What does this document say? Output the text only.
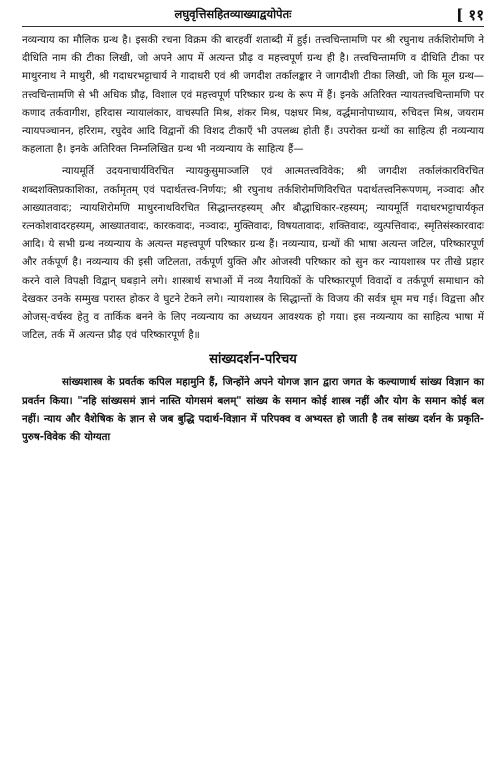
लघुवृत्तिसहितव्याख्याद्वयोपेतः	[ ११

नव्यन्याय का मौलिक ग्रन्थ है। इसकी रचना विक्रम की बारहवीं शताब्दी में हुई। तत्त्वचिन्तामणि पर श्री रघुनाथ तर्कशिरोमणि ने दीधिति नाम की टीका लिखी, जो अपने आप में अत्यन्त प्रौढ़ व महत्त्वपूर्ण ग्रन्थ ही है। तत्त्वचिन्तामणि व दीधिति टीका पर माथुरनाथ ने माथुरी, श्री गदाधरभट्टाचार्य ने गादाधरी एवं श्री जगदीश तर्कालङ्कार ने जागदीशी टीका लिखी, जो कि मूल ग्रन्थ—तत्त्वचिन्तामणि से भी अधिक प्रौढ़, विशाल एवं महत्त्वपूर्ण परिष्कार ग्रन्थ के रूप में हैं। इनके अतिरिक्त न्यायतत्त्वचिन्तामणि पर कणाद तर्कवागीश, हरिदास न्यायालंकार, वाचस्पति मिश्र, शंकर मिश्र, पक्षधर मिश्र, वर्द्धमानोपाध्याय, रुचिदत्त मिश्र, जयराम न्यायपञ्चानन, हरिराम, रघुदेव आदि विद्वानों की विशद टीकाएँ भी उपलब्ध होती हैं। उपरोक्त ग्रन्थों का साहित्य ही नव्यन्याय कहलाता है। इनके अतिरिक्त निम्नलिखित ग्रन्थ भी नव्यन्याय के साहित्य हैं—

न्यायमूर्ति उदयनाचार्यविरचित न्यायकुसुमाञ्जलि एवं आत्मतत्त्वविवेक; श्री जगदीश तर्कालंकारविरचित शब्दशक्तिप्रकाशिका, तर्कामृतम् एवं पदार्थतत्त्व-निर्णयः; श्री रघुनाथ तर्कशिरोमणिविरचित पदार्थतत्त्वनिरूपणम्, नञ्वादः और आख्यातवादः; न्यायशिरोमणि माथुरनाथविरचित सिद्धान्तरहस्यम् और बौद्धाधिकार-रहस्यम्; न्यायमूर्ति गदाधरभट्टाचार्यकृत रत्नकोशवादरहस्यम्, आख्यातवादः, कारकवादः, नञ्वादः, मुक्तिवादः, विषयतावादः, शक्तिवादः, व्युत्पत्तिवादः, स्मृतिसंस्कारवादः आदि। ये सभी ग्रन्थ नव्यन्याय के अत्यन्त महत्त्वपूर्ण परिष्कार ग्रन्थ हैं। नव्यन्याय, ग्रन्थों की भाषा अत्यन्त जटिल, परिष्कारपूर्ण और तर्कपूर्ण है। नव्यन्याय की इसी जटिलता, तर्कपूर्ण युक्ति और ओजस्वी परिष्कार को सुन कर न्यायशास्त्र पर तीखे प्रहार करने वाले विपक्षी विद्वान् घबड़ाने लगे। शास्त्रार्थ सभाओं में नव्य नैयायिकों के परिष्कारपूर्ण विवादों व तर्कपूर्ण समाधान को देखकर उनके सम्मुख परास्त होकर वे घुटने टेकने लगे। न्यायशास्त्र के सिद्धान्तों के विजय की सर्वत्र धूम मच गई। विद्वत्ता और ओजस्-वर्चस्व हेतु व तार्किक बनने के लिए नव्यन्याय का अध्ययन आवश्यक हो गया। इस नव्यन्याय का साहित्य भाषा में जटिल, तर्क में अत्यन्त प्रौढ़ एवं परिष्कारपूर्ण है॥

सांख्यदर्शन-परिचय

सांख्यशास्त्र के प्रवर्तक कपिल महामुनि हैं, जिन्होंने अपने योगज ज्ञान द्वारा जगत के कल्याणार्थ सांख्य विज्ञान का प्रवर्तन किया। "नहि सांख्यसमं ज्ञानं नास्ति योगसमं बलम्" सांख्य के समान कोई शास्त्र नहीं और योग के समान कोई बल नहीं। न्याय और वैशेषिक के ज्ञान से जब बुद्धि पदार्थ-विज्ञान में परिपक्व व अभ्यस्त हो जाती है तब सांख्य दर्शन के प्रकृति-पुरुष-विवेक की योग्यता
